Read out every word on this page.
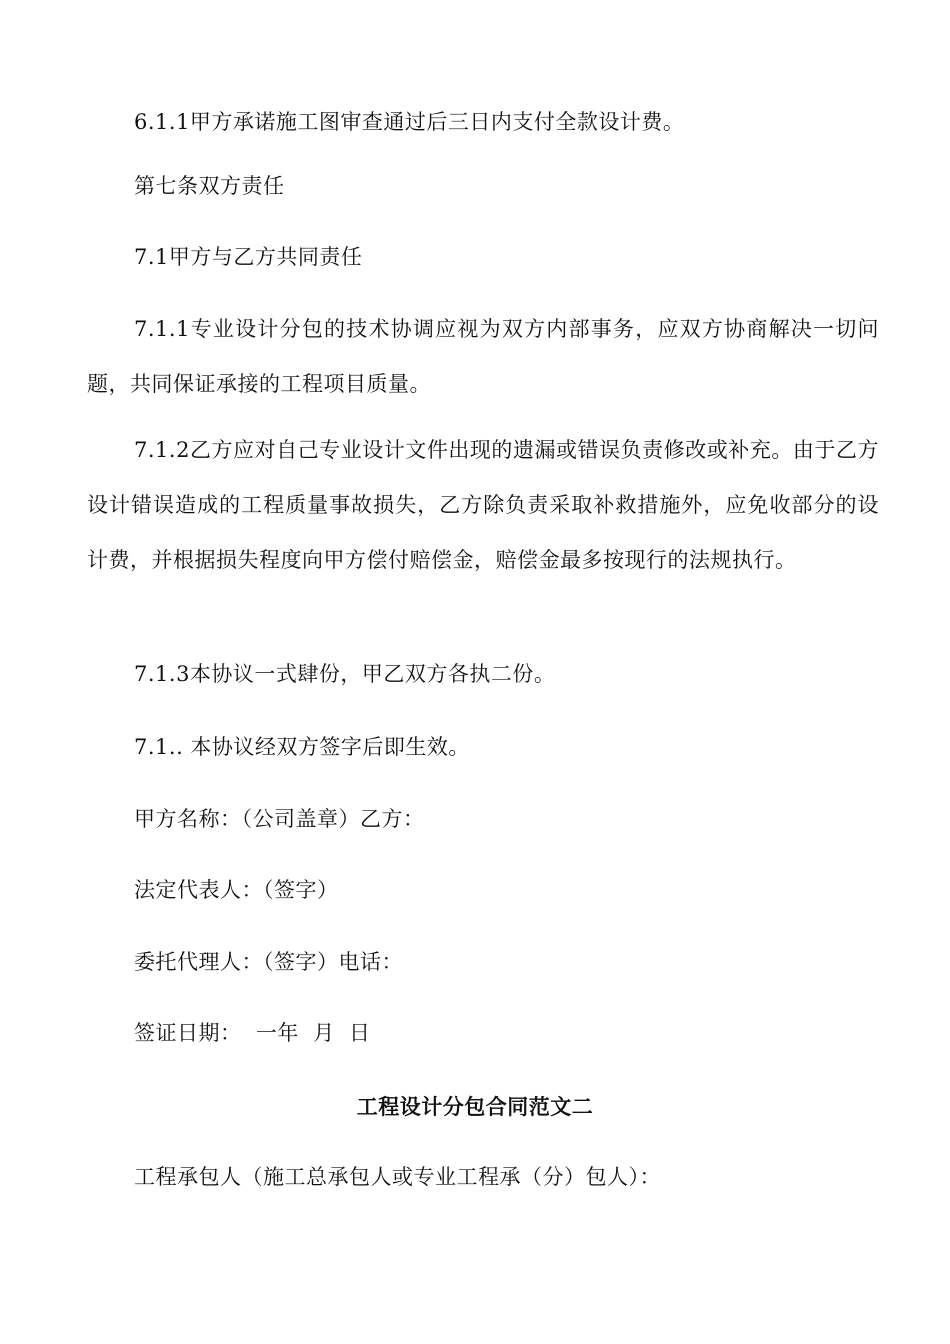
6.1.1甲方承诺施工图审查通过后三日内支付全款设计费。
第七条双方责任
7.1甲方与乙方共同责任
7.1.1专业设计分包的技术协调应视为双方内部事务，应双方协商解决一切问题，共同保证承接的工程项目质量。
7.1.2乙方应对自己专业设计文件出现的遗漏或错误负责修改或补充。由于乙方设计错误造成的工程质量事故损失，乙方除负责采取补救措施外，应免收部分的设计费，并根据损失程度向甲方偿付赔偿金，赔偿金最多按现行的法规执行。
7.1.3本协议一式肆份，甲乙双方各执二份。
7.1.. 本协议经双方签字后即生效。
甲方名称：（公司盖章）乙方：
法定代表人：（签字）
委托代理人：（签字）电话：
签证日期：  一年  月  日
工程设计分包合同范文二
工程承包人（施工总承包人或专业工程承（分）包人）：
